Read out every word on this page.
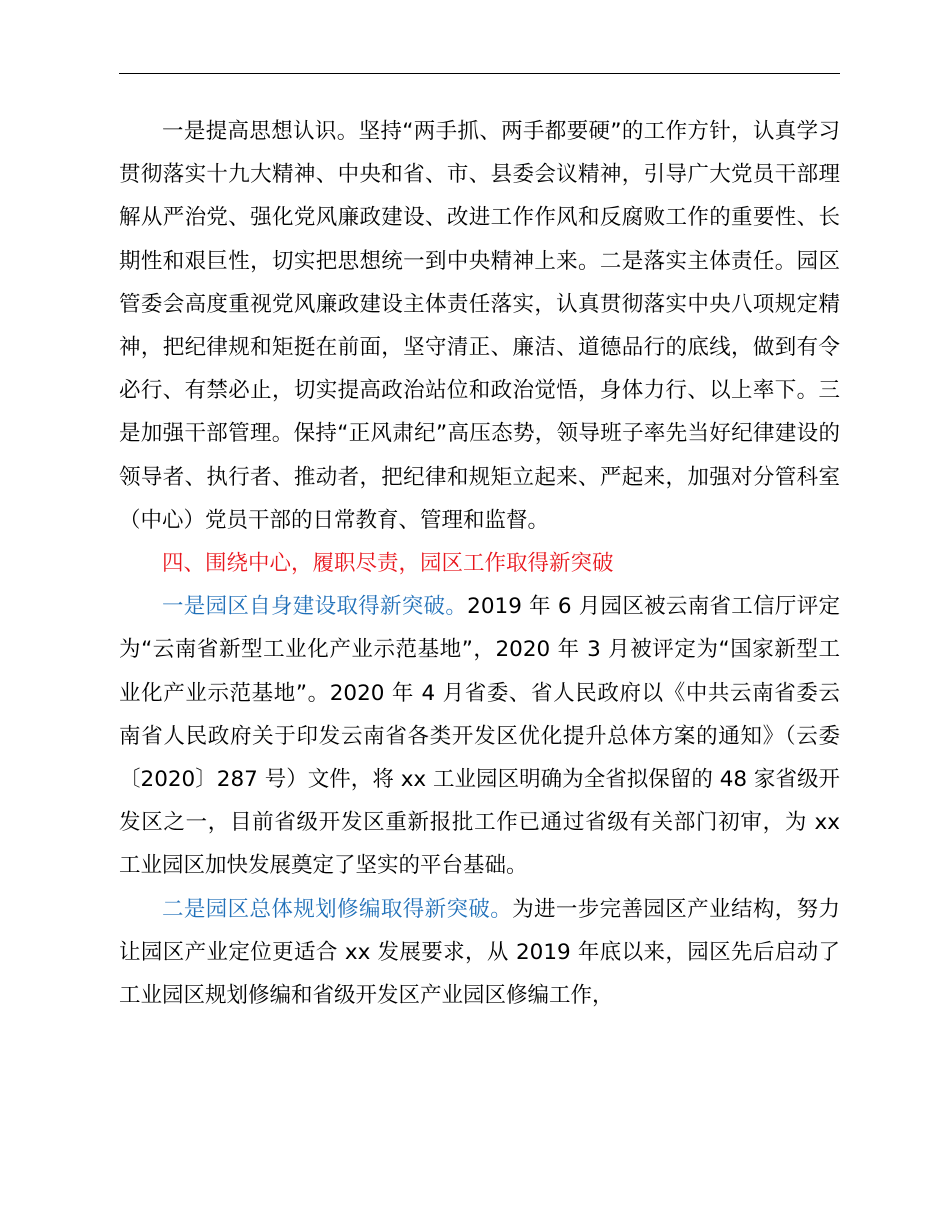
一是提高思想认识。坚持“两手抓、两手都要硬”的工作方针，认真学习贯彻落实十九大精神、中央和省、市、县委会议精神，引导广大党员干部理解从严治党、强化党风廉政建设、改进工作作风和反腐败工作的重要性、长期性和艰巨性，切实把思想统一到中央精神上来。二是落实主体责任。园区管委会高度重视党风廉政建设主体责任落实，认真贯彻落实中央八项规定精神，把纪律规和矩挺在前面，坚守清正、廉洁、道德品行的底线，做到有令必行、有禁必止，切实提高政治站位和政治觉悟，身体力行、以上率下。三是加强干部管理。保持“正风肃纪”高压态势，领导班子率先当好纪律建设的领导者、执行者、推动者，把纪律和规矩立起来、严起来，加强对分管科室（中心）党员干部的日常教育、管理和监督。

四、围绕中心，履职尽责，园区工作取得新突破

一是园区自身建设取得新突破。2019 年 6 月园区被云南省工信厅评定为“云南省新型工业化产业示范基地”，2020 年 3 月被评定为“国家新型工业化产业示范基地”。2020 年 4 月省委、省人民政府以《中共云南省委云南省人民政府关于印发云南省各类开发区优化提升总体方案的通知》（云委〔2020〕287 号）文件，将 xx 工业园区明确为全省拟保留的 48 家省级开发区之一，目前省级开发区重新报批工作已通过省级有关部门初审，为 xx 工业园区加快发展奠定了坚实的平台基础。

二是园区总体规划修编取得新突破。为进一步完善园区产业结构，努力让园区产业定位更适合 xx 发展要求，从 2019 年底以来，园区先后启动了工业园区规划修编和省级开发区产业园区修编工作，
